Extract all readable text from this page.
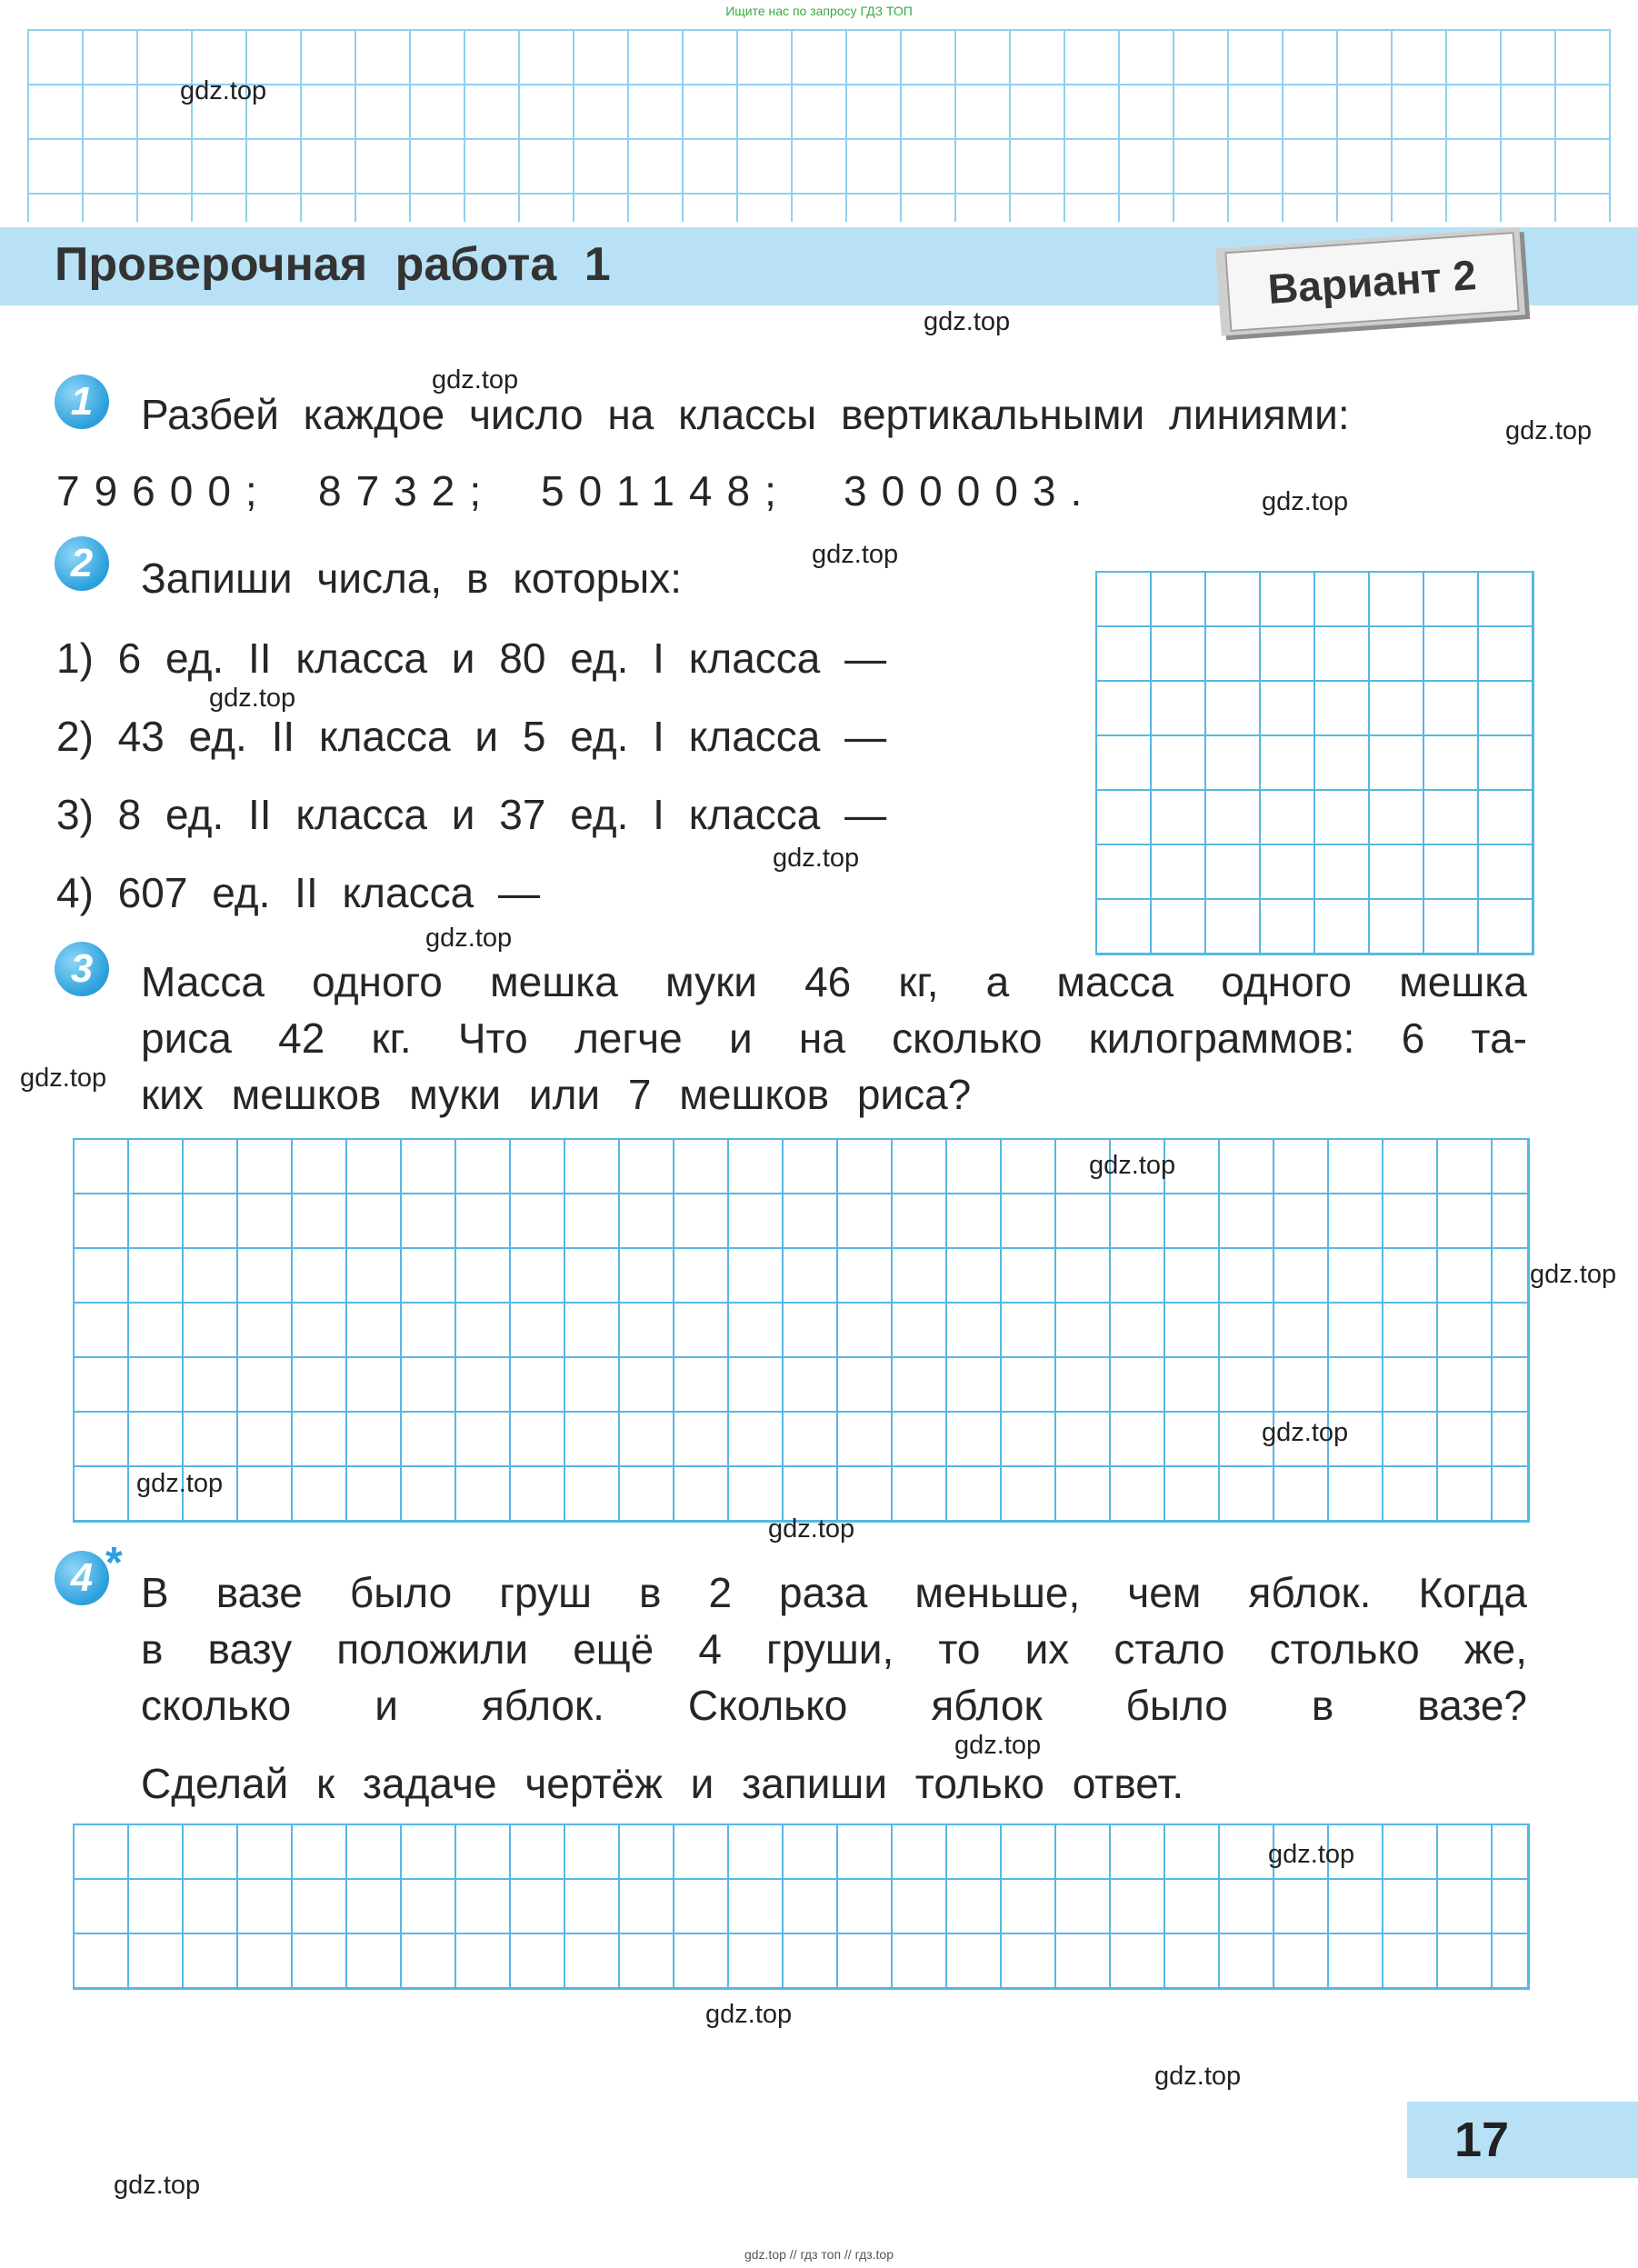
Ищите нас по запросу ГДЗ ТОП
Проверочная работа 1	Вариант 2
1	Разбей каждое число на классы вертикальными линиями:
79600; 8732; 501148; 300003.
2	Запиши числа, в которых:
1) 6 ед. II класса и 80 ед. I класса —
2) 43 ед. II класса и 5 ед. I класса —
3) 8 ед. II класса и 37 ед. I класса —
4) 607 ед. II класса —
3	Масса одного мешка муки 46 кг, а масса одного мешка
риса 42 кг. Что легче и на сколько килограммов: 6 та-
ких мешков муки или 7 мешков риса?
4 *
В вазе было груш в 2 раза меньше, чем яблок. Когда
в вазу положили ещё 4 груши, то их стало столько же,
сколько и яблок. Сколько яблок было в вазе?
Сделай к задаче чертёж и запиши только ответ.
17
gdz.top
gdz.top
gdz.top
gdz.top
gdz.top
gdz.top
gdz.top
gdz.top
gdz.top
gdz.top
gdz.top
gdz.top
gdz.top
gdz.top
gdz.top
gdz.top
gdz.top
gdz.top
gdz.top
gdz.top
gdz.top // гдз топ // гдз.top
